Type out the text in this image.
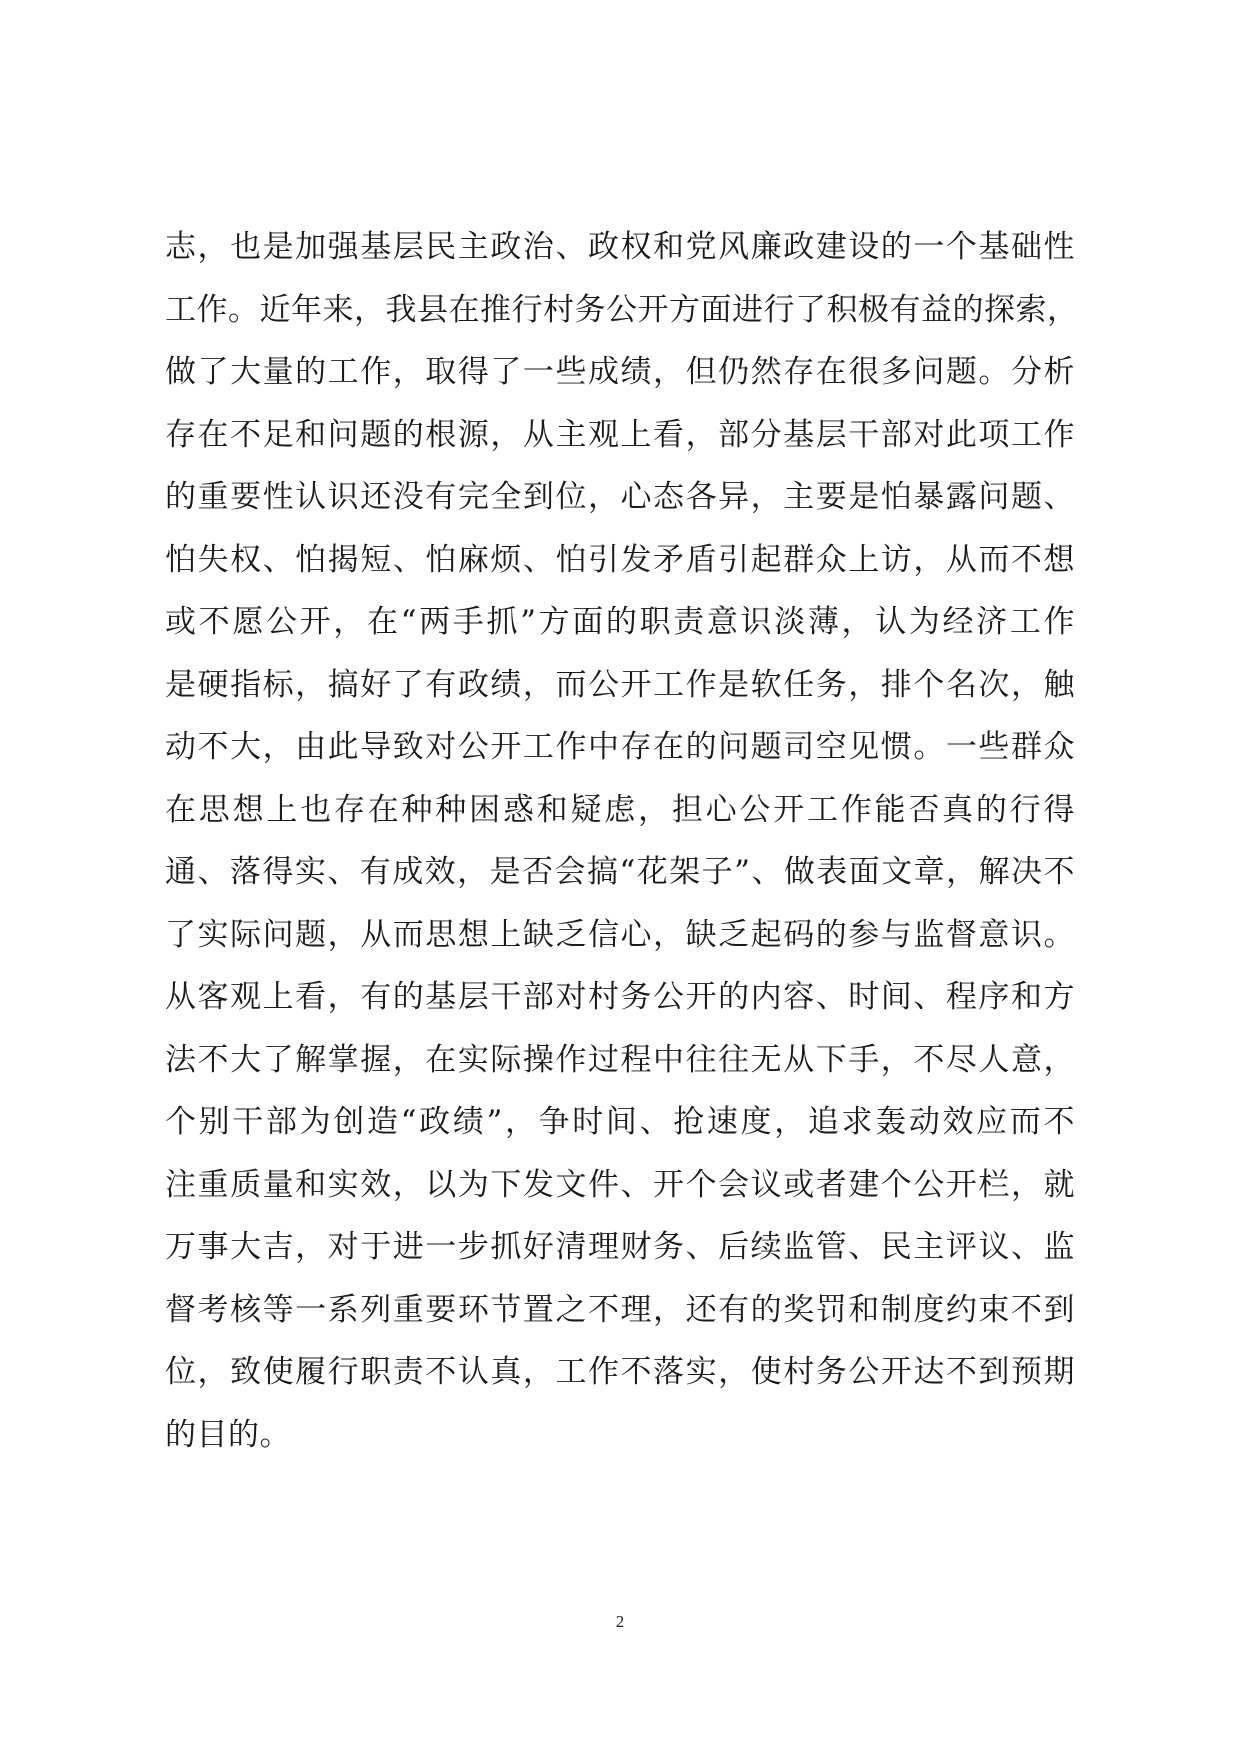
志，也是加强基层民主政治、政权和党风廉政建设的一个基础性
工作。近年来，我县在推行村务公开方面进行了积极有益的探索，
做了大量的工作，取得了一些成绩，但仍然存在很多问题。分析
存在不足和问题的根源，从主观上看，部分基层干部对此项工作
的重要性认识还没有完全到位，心态各异，主要是怕暴露问题、
怕失权、怕揭短、怕麻烦、怕引发矛盾引起群众上访，从而不想
或不愿公开，在“两手抓”方面的职责意识淡薄，认为经济工作
是硬指标，搞好了有政绩，而公开工作是软任务，排个名次，触
动不大，由此导致对公开工作中存在的问题司空见惯。一些群众
在思想上也存在种种困惑和疑虑，担心公开工作能否真的行得
通、落得实、有成效，是否会搞“花架子”、做表面文章，解决不
了实际问题，从而思想上缺乏信心，缺乏起码的参与监督意识。
从客观上看，有的基层干部对村务公开的内容、时间、程序和方
法不大了解掌握，在实际操作过程中往往无从下手，不尽人意，
个别干部为创造“政绩”，争时间、抢速度，追求轰动效应而不
注重质量和实效，以为下发文件、开个会议或者建个公开栏，就
万事大吉，对于进一步抓好清理财务、后续监管、民主评议、监
督考核等一系列重要环节置之不理，还有的奖罚和制度约束不到
位，致使履行职责不认真，工作不落实，使村务公开达不到预期
的目的。
2
